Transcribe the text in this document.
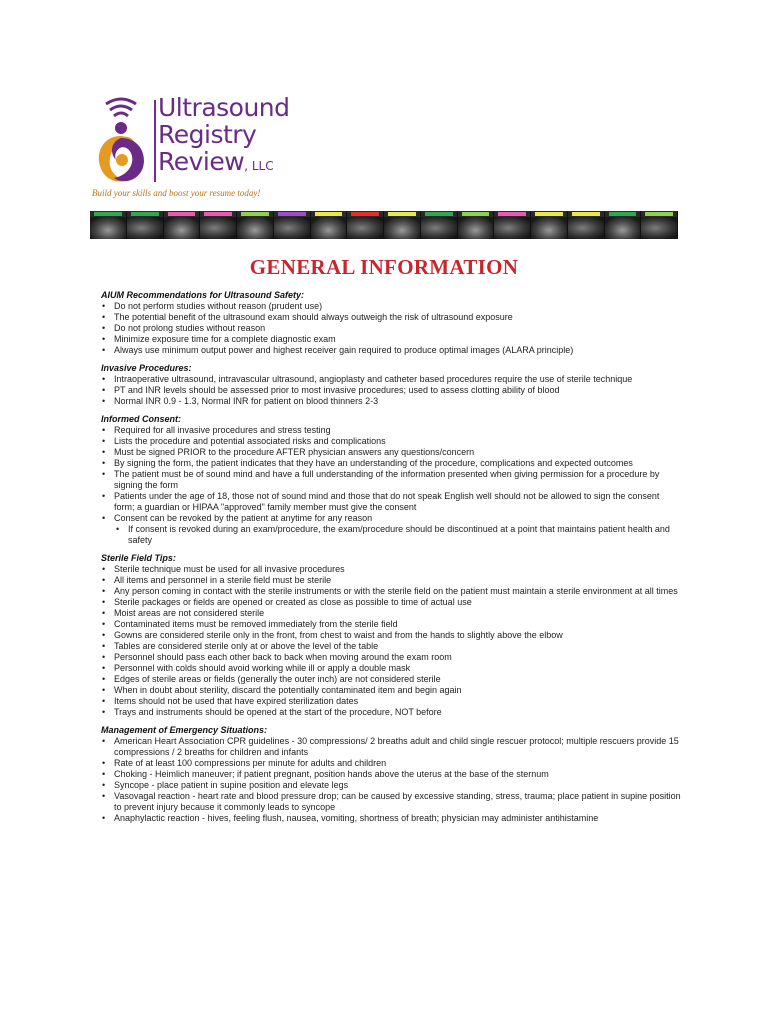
Ultrasound
Registry
Review, LLC
Build your skills and boost your resume today!
GENERAL INFORMATION
AIUM Recommendations for Ultrasound Safety:
• Do not perform studies without reason (prudent use)
• The potential benefit of the ultrasound exam should always outweigh the risk of ultrasound exposure
• Do not prolong studies without reason
• Minimize exposure time for a complete diagnostic exam
• Always use minimum output power and highest receiver gain required to produce optimal images (ALARA principle)
Invasive Procedures:
• Intraoperative ultrasound, intravascular ultrasound, angioplasty and catheter based procedures require the use of sterile technique
• PT and INR levels should be assessed prior to most invasive procedures; used to assess clotting ability of blood
• Normal INR 0.9 - 1.3, Normal INR for patient on blood thinners 2-3
Informed Consent:
• Required for all invasive procedures and stress testing
• Lists the procedure and potential associated risks and complications
• Must be signed PRIOR to the procedure AFTER physician answers any questions/concern
• By signing the form, the patient indicates that they have an understanding of the procedure, complications and expected outcomes
• The patient must be of sound mind and have a full understanding of the information presented when giving permission for a procedure by signing the form
• Patients under the age of 18, those not of sound mind and those that do not speak English well should not be allowed to sign the consent form; a guardian or HIPAA "approved" family member must give the consent
• Consent can be revoked by the patient at anytime for any reason
• If consent is revoked during an exam/procedure, the exam/procedure should be discontinued at a point that maintains patient health and safety
Sterile Field Tips:
• Sterile technique must be used for all invasive procedures
• All items and personnel in a sterile field must be sterile
• Any person coming in contact with the sterile instruments or with the sterile field on the patient must maintain a sterile environment at all times
• Sterile packages or fields are opened or created as close as possible to time of actual use
• Moist areas are not considered sterile
• Contaminated items must be removed immediately from the sterile field
• Gowns are considered sterile only in the front, from chest to waist and from the hands to slightly above the elbow
• Tables are considered sterile only at or above the level of the table
• Personnel should pass each other back to back when moving around the exam room
• Personnel with colds should avoid working while ill or apply a double mask
• Edges of sterile areas or fields (generally the outer inch) are not considered sterile
• When in doubt about sterility, discard the potentially contaminated item and begin again
• Items should not be used that have expired sterilization dates
• Trays and instruments should be opened at the start of the procedure, NOT before
Management of Emergency Situations:
• American Heart Association CPR guidelines - 30 compressions/ 2 breaths adult and child single rescuer protocol; multiple rescuers provide 15 compressions / 2 breaths for children and infants
• Rate of at least 100 compressions per minute for adults and children
• Choking - Heimlich maneuver; if patient pregnant, position hands above the uterus at the base of the sternum
• Syncope - place patient in supine position and elevate legs
• Vasovagal reaction - heart rate and blood pressure drop; can be caused by excessive standing, stress, trauma; place patient in supine position to prevent injury because it commonly leads to syncope
• Anaphylactic reaction - hives, feeling flush, nausea, vomiting, shortness of breath; physician may administer antihistamine
